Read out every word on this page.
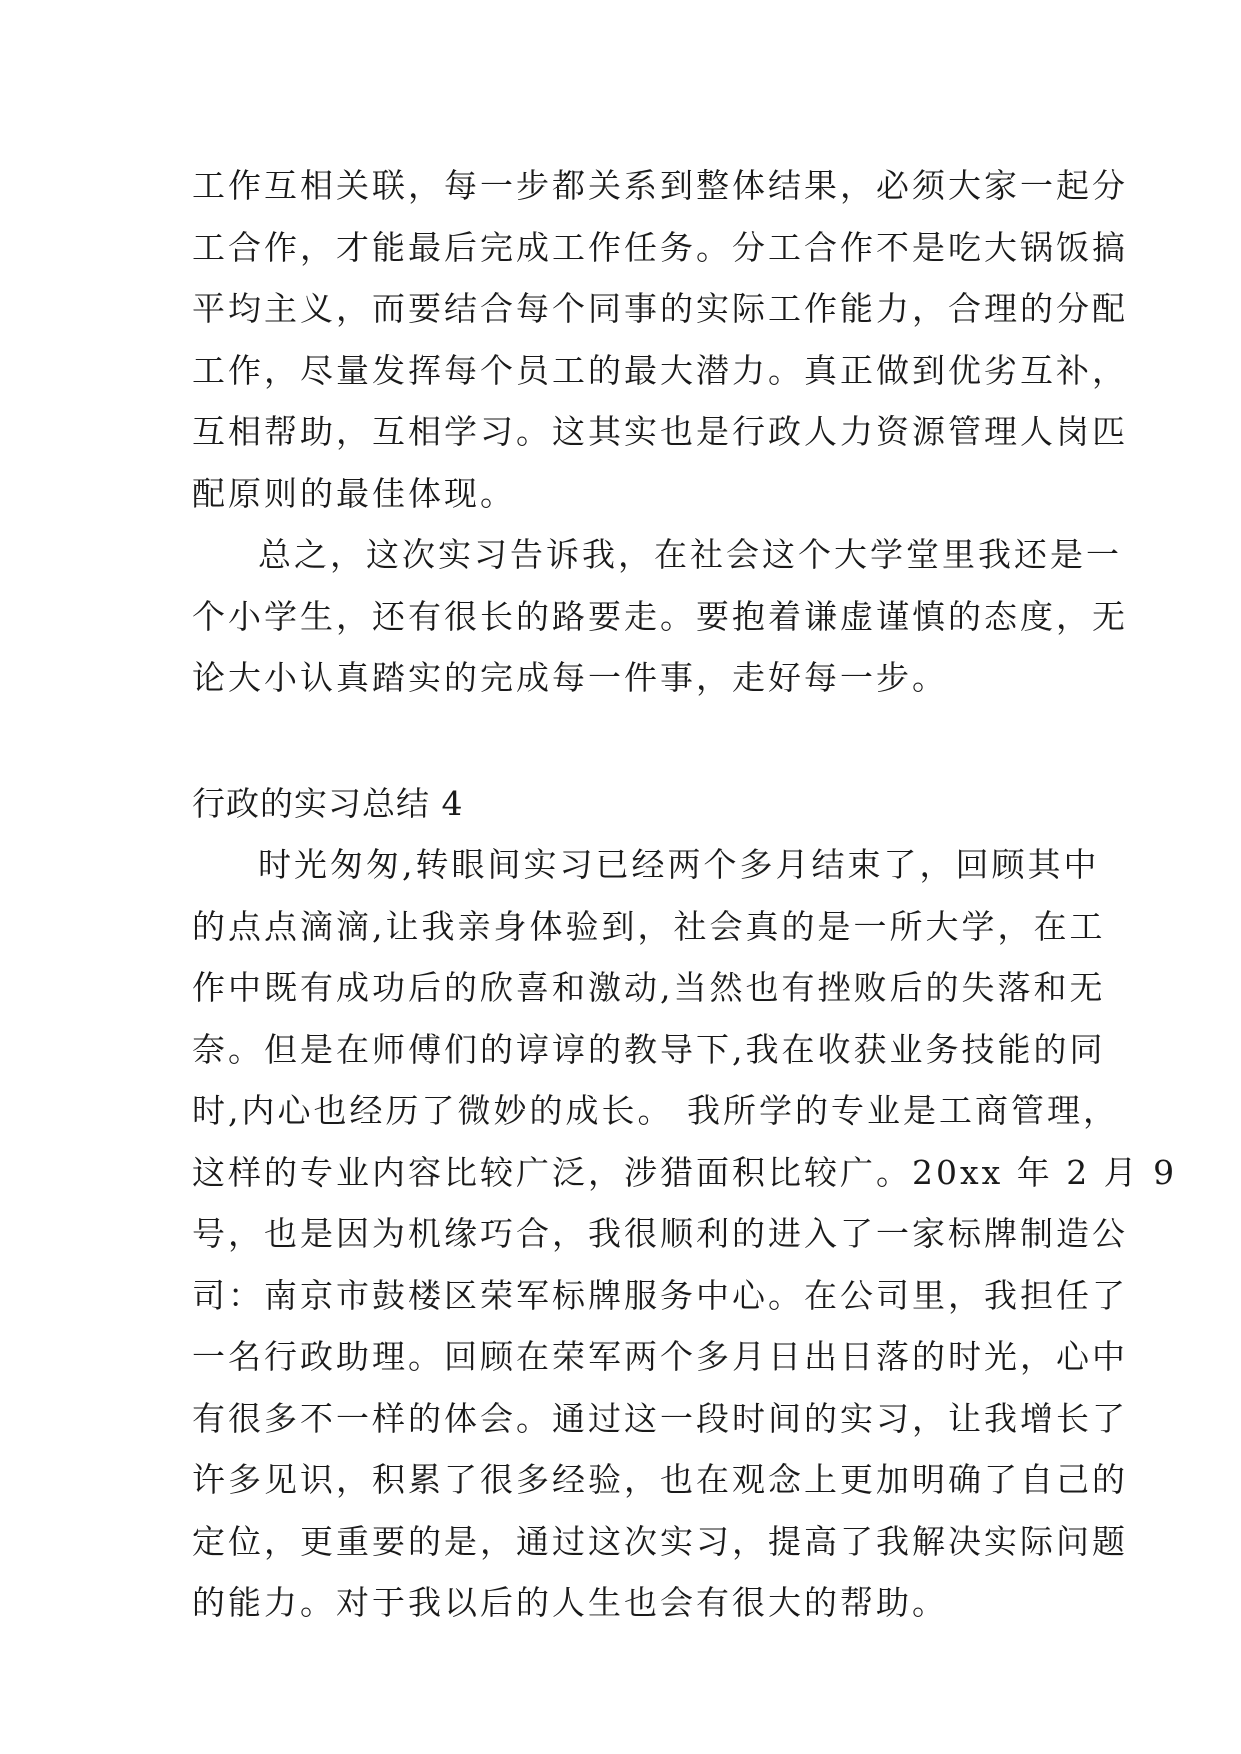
工作互相关联，每一步都关系到整体结果，必须大家一起分
工合作，才能最后完成工作任务。分工合作不是吃大锅饭搞
平均主义，而要结合每个同事的实际工作能力，合理的分配
工作，尽量发挥每个员工的最大潜力。真正做到优劣互补，
互相帮助，互相学习。这其实也是行政人力资源管理人岗匹
配原则的最佳体现。
总之，这次实习告诉我，在社会这个大学堂里我还是一
个小学生，还有很长的路要走。要抱着谦虚谨慎的态度，无
论大小认真踏实的完成每一件事，走好每一步。
行政的实习总结 4
时光匆匆,转眼间实习已经两个多月结束了，回顾其中
的点点滴滴,让我亲身体验到，社会真的是一所大学，在工
作中既有成功后的欣喜和激动,当然也有挫败后的失落和无
奈。但是在师傅们的谆谆的教导下,我在收获业务技能的同
时,内心也经历了微妙的成长。 我所学的专业是工商管理，
这样的专业内容比较广泛，涉猎面积比较广。20xx 年 2 月 9
号，也是因为机缘巧合，我很顺利的进入了一家标牌制造公
司：南京市鼓楼区荣军标牌服务中心。在公司里，我担任了
一名行政助理。回顾在荣军两个多月日出日落的时光，心中
有很多不一样的体会。通过这一段时间的实习，让我增长了
许多见识，积累了很多经验，也在观念上更加明确了自己的
定位，更重要的是，通过这次实习，提高了我解决实际问题
的能力。对于我以后的人生也会有很大的帮助。
